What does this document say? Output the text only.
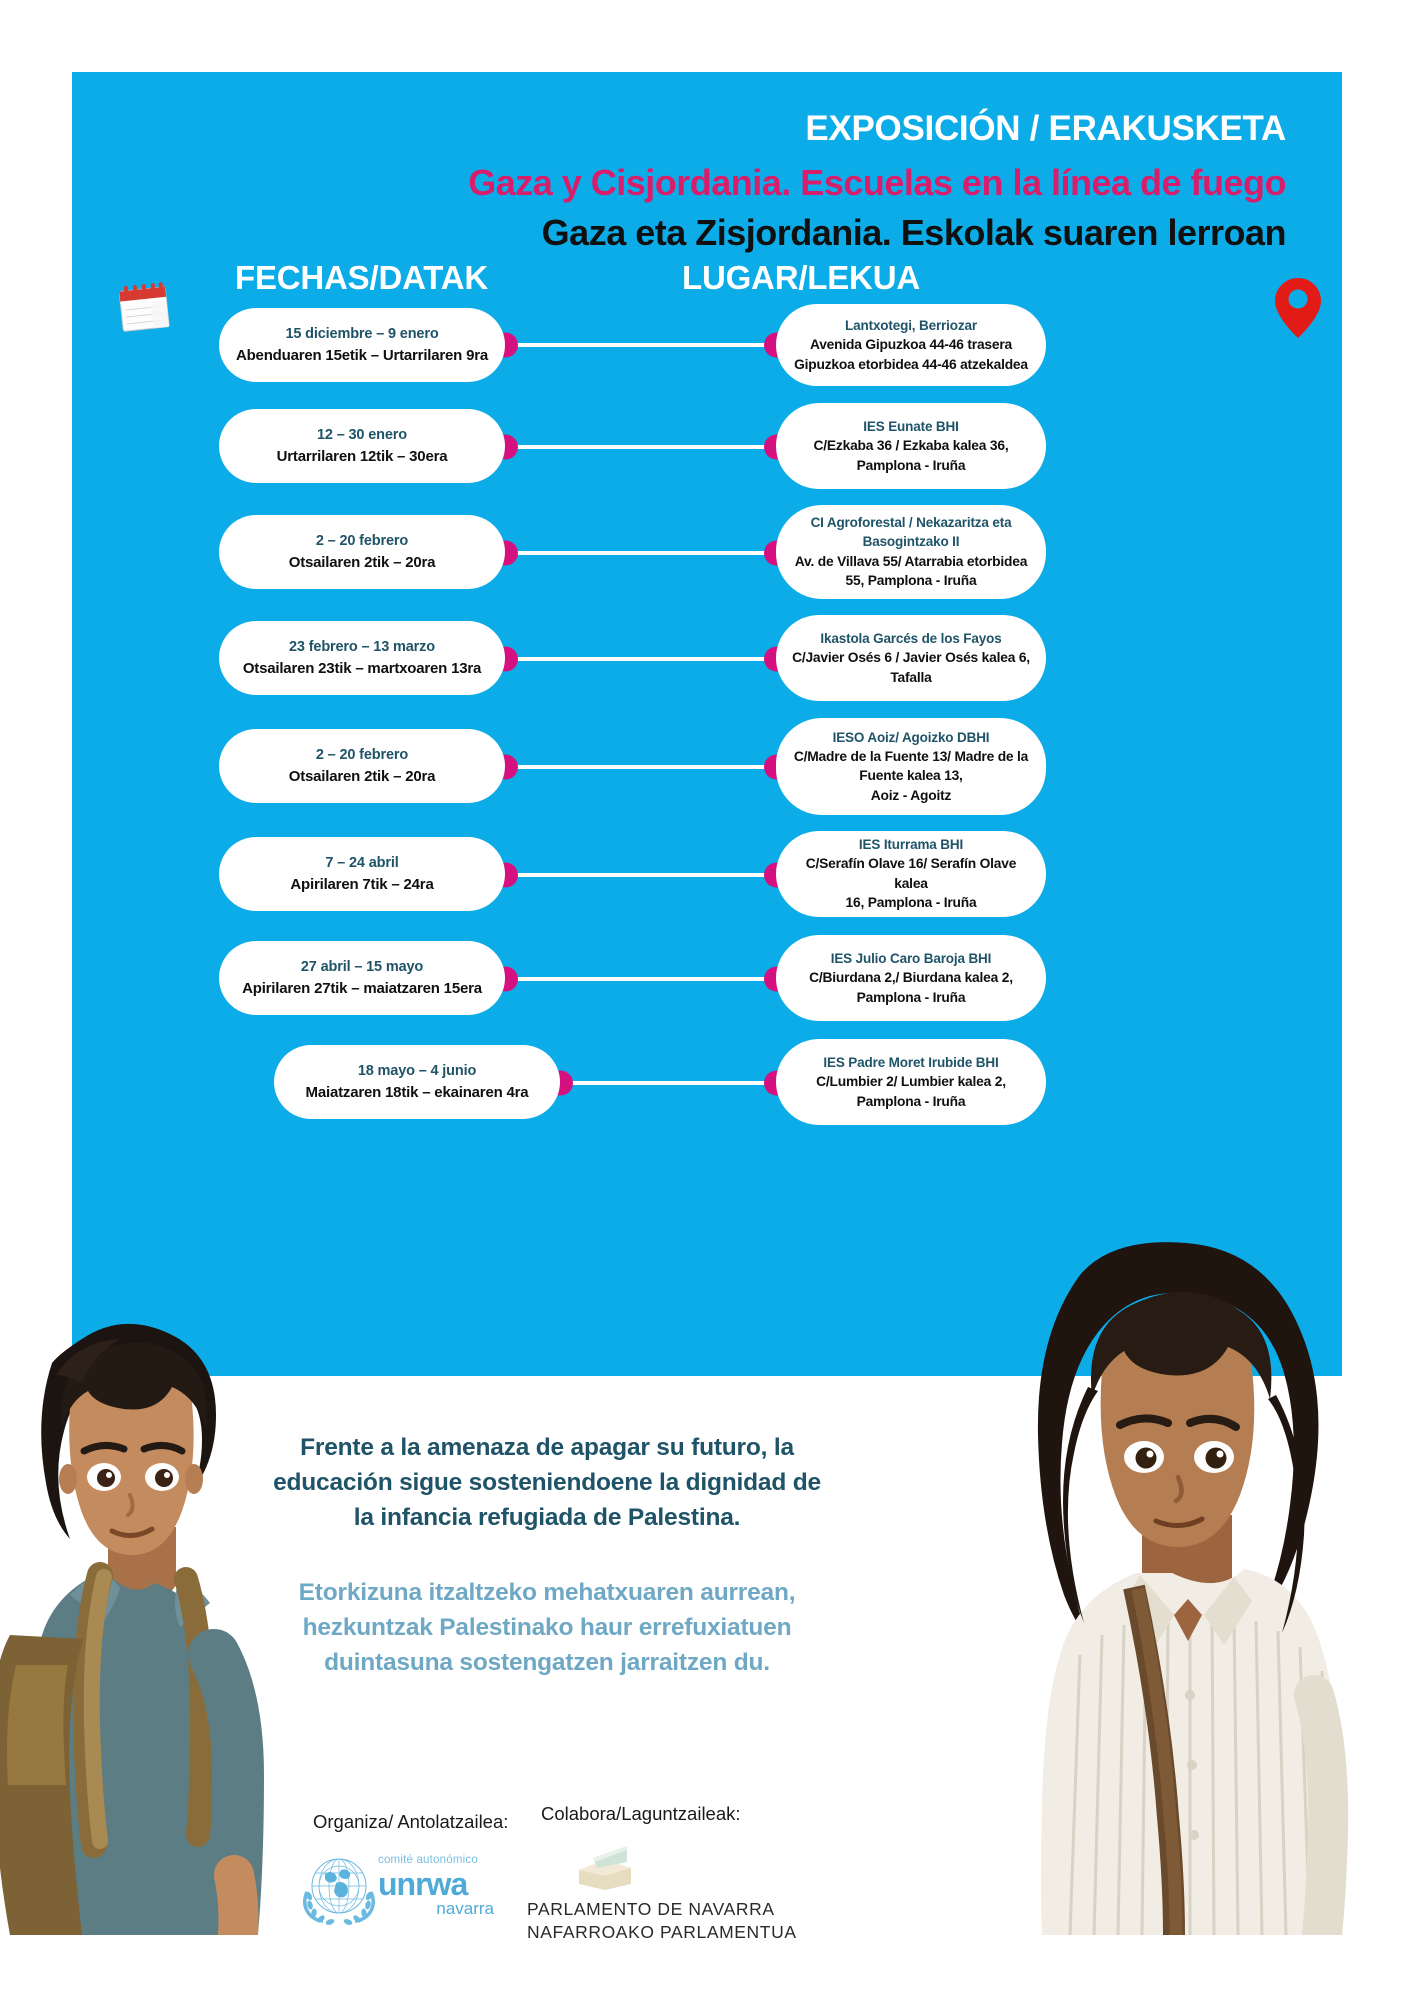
EXPOSICIÓN / ERAKUSKETA
Gaza y Cisjordania. Escuelas en la línea de fuego
Gaza eta Zisjordania. Eskolak suaren lerroan
FECHAS/DATAK	LUGAR/LEKUA
15 diciembre – 9 enero
Abenduaren 15etik – Urtarrilaren 9ra
Lantxotegi, Berriozar
Avenida Gipuzkoa 44-46 trasera
Gipuzkoa etorbidea 44-46 atzekaldea
12 – 30 enero
Urtarrilaren 12tik – 30era
IES Eunate BHI
C/Ezkaba 36 / Ezkaba kalea 36,
Pamplona - Iruña
2 – 20 febrero
Otsailaren 2tik – 20ra
CI Agroforestal / Nekazaritza eta Basogintzako II
Av. de Villava 55/ Atarrabia etorbidea
55, Pamplona - Iruña
23 febrero – 13 marzo
Otsailaren 23tik – martxoaren 13ra
Ikastola Garcés de los Fayos
C/Javier Osés 6 / Javier Osés kalea 6,
Tafalla
2 – 20 febrero
Otsailaren 2tik – 20ra
IESO Aoiz/ Agoizko DBHI
C/Madre de la Fuente 13/ Madre de la Fuente kalea 13,
Aoiz - Agoitz
7 – 24 abril
Apirilaren 7tik – 24ra
IES Iturrama BHI
C/Serafín Olave 16/ Serafín Olave kalea
16, Pamplona - Iruña
27 abril – 15 mayo
Apirilaren 27tik – maiatzaren 15era
IES Julio Caro Baroja BHI
C/Biurdana 2,/ Biurdana kalea 2,
Pamplona - Iruña
18 mayo – 4 junio
Maiatzaren 18tik – ekainaren 4ra
IES Padre Moret Irubide BHI
C/Lumbier 2/ Lumbier kalea 2,
Pamplona - Iruña
Frente a la amenaza de apagar su futuro, la educación sigue sosteniendoene la dignidad de la infancia refugiada de Palestina.
Etorkizuna itzaltzeko mehatxuaren aurrean, hezkuntzak Palestinako haur errefuxiatuen duintasuna sostengatzen jarraitzen du.
Organiza/ Antolatzailea: Colabora/Laguntzaileak:
comité autonómico
unrwa
navarra	PARLAMENTO DE NAVARRA
NAFARROAKO PARLAMENTUA
